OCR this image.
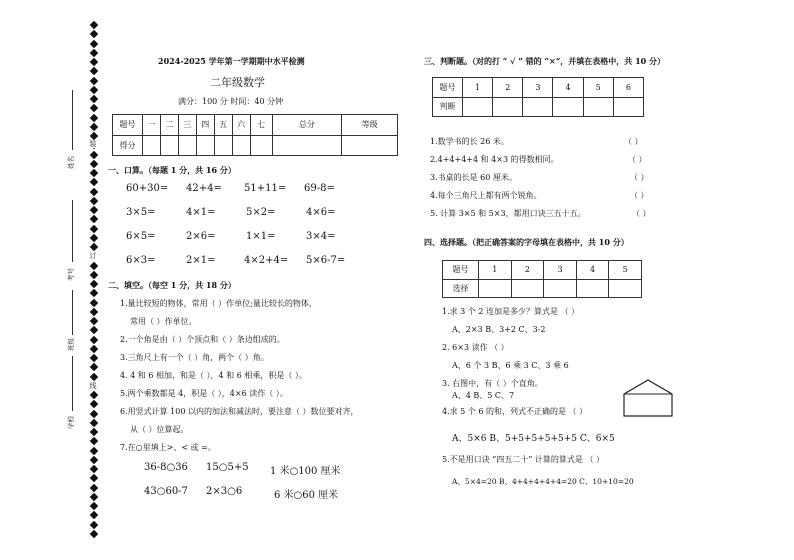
装
订
线
姓名
考号
班级
学校
2024-2025 学年第一学期期中水平检测
二年级数学
满分：100 分 时间：40 分钟
题号	一	二	三	四	五	六	七	总分	等级
得分									
一、口算。（每题 1 分，共 16 分）
60+30= 42+4= 51+11= 69-8=
3×5=	4×1=	5×2=	4×6=
6×5=	2×6=	1×1=	3×4=
6×3=	2×1=	4×2+4= 5×6-7=
二、填空。（每空 1 分，共 18 分）
1.量比较短的物体，常用（ ）作单位;量比较长的物体，
常用（ ）作单位。
2.一个角是由（ ）个顶点和（ ）条边组成的。
3.三角尺上有一个（ ）角，两个（ ）角。
4. 4 和 6 相加，和是（ ），4 和 6 相乘，积是（ ）。
5.两个乘数都是 4，积是（ ），4×6 读作（ ）。
6.用竖式计算 100 以内的加法和减法时，要注意（ ）数位要对齐，
从（ ）位算起。
7.在○里填上>、< 或 =。
36-8○36 15○5+5 1 米○100 厘米
43○60-7 2×3○6	6 米○60 厘米
三、判断题。（对的打 “ √ ” 错的 “×”，并填在表格中，共 10 分）
题号	1	2	3	4	5	6
判断						
1.数学书的长 26 米。	（ ）
2.4+4+4+4 和 4×3 的得数相同。	（ ）
3.书桌的长是 60 厘米。	（ ）
4.每个三角尺上都有两个锐角。	（ ）
5. 计算 3×5 和 5×3，都用口诀三五十五。	（ ）
四、选择题。（把正确答案的字母填在表格中，共 10 分）
题号	1	2	3	4	5
选择					
1.求 3 个 2 连加是多少？算式是 （ ）
A、2×3 B、3+2 C、3-2
2. 6×3 读作 （ ）
A、6 个 3 B、6 乘 3 C、3 乘 6
3. 右图中，有（ ）个直角。
A、4 B、5 C、7
4.求 5 个 6 的和，列式不正确的是 （ ）
A、5×6 B、5+5+5+5+5+5 C、6×5
5.不是用口诀 “四五二十” 计算的算式是 （ ）
A、5×4=20 B、4+4+4+4+4=20 C、10+10=20
